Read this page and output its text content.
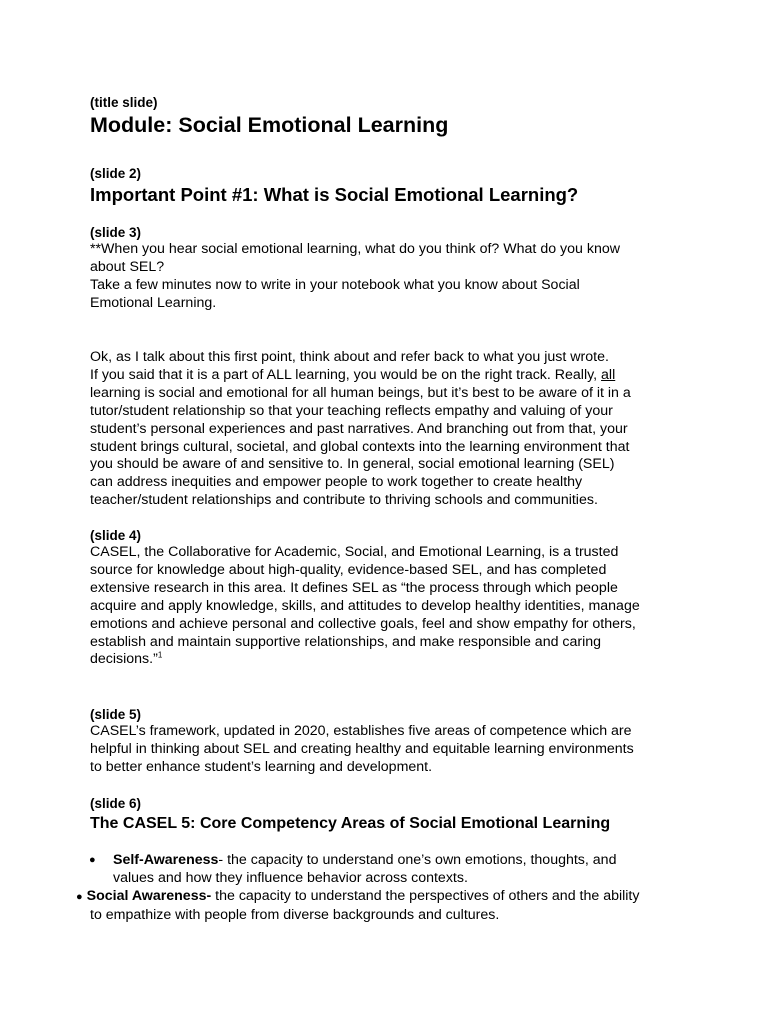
(title slide)
Module: Social Emotional Learning
(slide 2)
Important Point #1: What is Social Emotional Learning?
(slide 3)
**When you hear social emotional learning, what do you think of? What do you know
about SEL?
Take a few minutes now to write in your notebook what you know about Social
Emotional Learning.
Ok, as I talk about this first point, think about and refer back to what you just wrote.
If you said that it is a part of ALL learning, you would be on the right track. Really, all
learning is social and emotional for all human beings, but it’s best to be aware of it in a
tutor/student relationship so that your teaching reflects empathy and valuing of your
student’s personal experiences and past narratives. And branching out from that, your
student brings cultural, societal, and global contexts into the learning environment that
you should be aware of and sensitive to. In general, social emotional learning (SEL)
can address inequities and empower people to work together to create healthy
teacher/student relationships and contribute to thriving schools and communities.
(slide 4)
CASEL, the Collaborative for Academic, Social, and Emotional Learning, is a trusted
source for knowledge about high-quality, evidence-based SEL, and has completed
extensive research in this area. It defines SEL as “the process through which people
acquire and apply knowledge, skills, and attitudes to develop healthy identities, manage
emotions and achieve personal and collective goals, feel and show empathy for others,
establish and maintain supportive relationships, and make responsible and caring
decisions.”$^1$
(slide 5)
CASEL’s framework, updated in 2020, establishes five areas of competence which are
helpful in thinking about SEL and creating healthy and equitable learning environments
to better enhance student’s learning and development.
(slide 6)
The CASEL 5: Core Competency Areas of Social Emotional Learning
● Self-Awareness- the capacity to understand one’s own emotions, thoughts, and
values and how they influence behavior across contexts.
● Social Awareness- the capacity to understand the perspectives of others and the ability
to empathize with people from diverse backgrounds and cultures.
